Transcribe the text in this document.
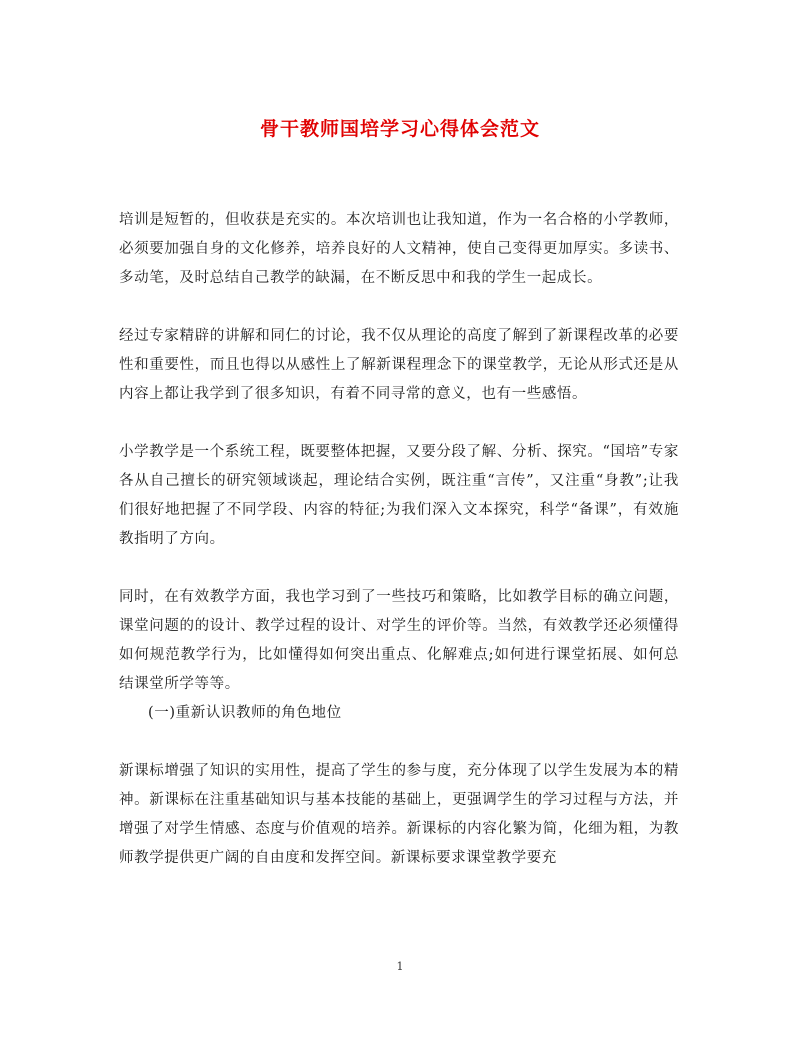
骨干教师国培学习心得体会范文

培训是短暂的，但收获是充实的。本次培训也让我知道，作为一名合格的小学教师，必须要加强自身的文化修养，培养良好的人文精神，使自己变得更加厚实。多读书、多动笔，及时总结自己教学的缺漏，在不断反思中和我的学生一起成长。

经过专家精辟的讲解和同仁的讨论，我不仅从理论的高度了解到了新课程改革的必要性和重要性，而且也得以从感性上了解新课程理念下的课堂教学，无论从形式还是从内容上都让我学到了很多知识，有着不同寻常的意义，也有一些感悟。

小学教学是一个系统工程，既要整体把握，又要分段了解、分析、探究。“国培”专家各从自己擅长的研究领域谈起，理论结合实例，既注重“言传”，又注重“身教”;让我们很好地把握了不同学段、内容的特征;为我们深入文本探究，科学“备课”，有效施教指明了方向。

同时，在有效教学方面，我也学习到了一些技巧和策略，比如教学目标的确立问题，课堂问题的的设计、教学过程的设计、对学生的评价等。当然，有效教学还必须懂得如何规范教学行为，比如懂得如何突出重点、化解难点;如何进行课堂拓展、如何总结课堂所学等等。

(一)重新认识教师的角色地位

新课标增强了知识的实用性，提高了学生的参与度，充分体现了以学生发展为本的精神。新课标在注重基础知识与基本技能的基础上，更强调学生的学习过程与方法，并增强了对学生情感、态度与价值观的培养。新课标的内容化繁为简，化细为粗，为教师教学提供更广阔的自由度和发挥空间。新课标要求课堂教学要充

1
